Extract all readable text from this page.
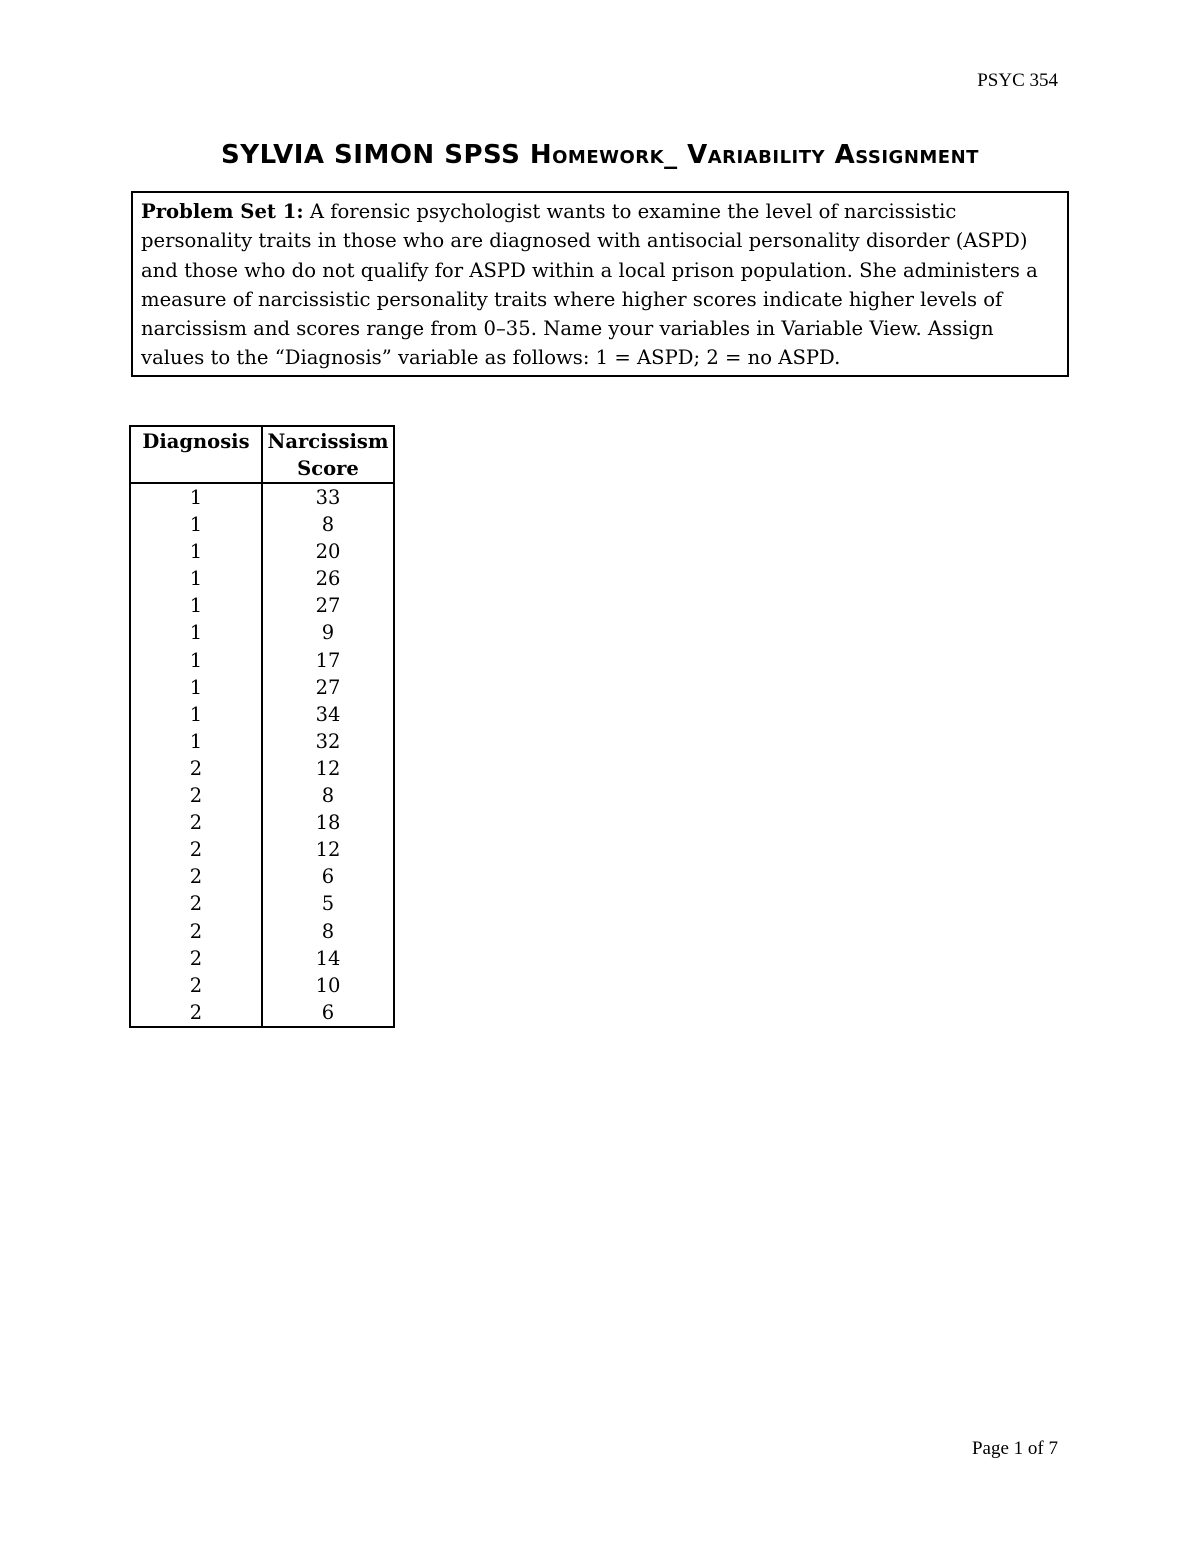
PSYC 354
SYLVIA SIMON SPSS Homework_ Variability Assignment
Problem Set 1: A forensic psychologist wants to examine the level of narcissistic personality traits in those who are diagnosed with antisocial personality disorder (ASPD) and those who do not qualify for ASPD within a local prison population. She administers a measure of narcissistic personality traits where higher scores indicate higher levels of narcissism and scores range from 0–35. Name your variables in Variable View. Assign values to the “Diagnosis” variable as follows: 1 = ASPD; 2 = no ASPD.
Diagnosis	Narcissism Score
1	33
1	8
1	20
1	26
1	27
1	9
1	17
1	27
1	34
1	32
2	12
2	8
2	18
2	12
2	6
2	5
2	8
2	14
2	10
2	6
Page 1 of 7
